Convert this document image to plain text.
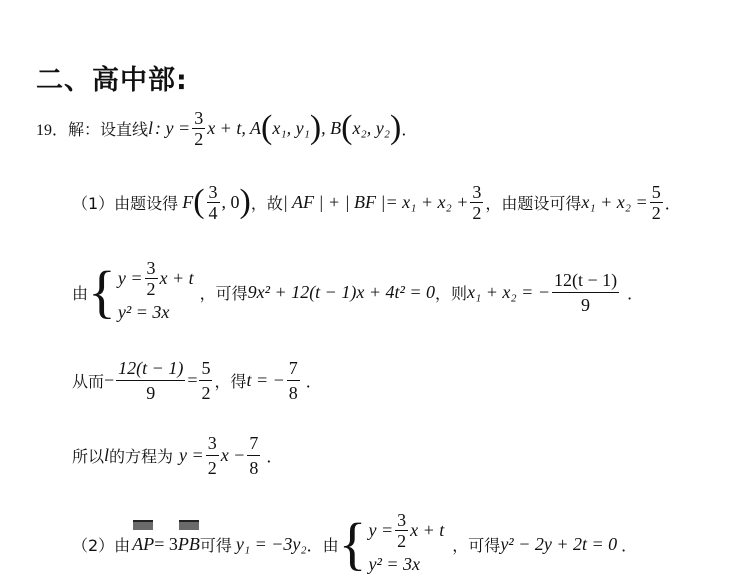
二、高中部:
19． 解：设直线 l : $y = \frac{3}{2}$ x + t, A ( x₁, y₁ ) , B ( x₂, y₂ ) ．
（1）由题设得 F ( $\frac{3}{4}$ , 0 ) ，故 | AF | + | BF |= $x_1 + x_2 + \frac{3}{2}$ ，由题设可得 $x_1 + x_2 = \frac{5}{2}$ ．
由 { $y = \frac{3}{2}$ x + t
y² = 3x
，可得 9x² + 12(t − 1)x + 4t² = 0 ，则 x₁ + x₂ = − $\frac{12(t - 1)}{9}$ ．
从而 − $\frac{12(t - 1)}{9} = \frac{5}{2}$ ，得 t = − $\frac{7}{8}$ ．
所以 l 的方程为 $y = \frac{3}{2}$ $x - \frac{7}{8}$ ．
（2）由 AP = 3 PB 可得 y₁ = −3y₂ ．由 { $y = \frac{3}{2}$ x + t
y² = 3x
，可得 y² − 2y + 2t = 0 ．
